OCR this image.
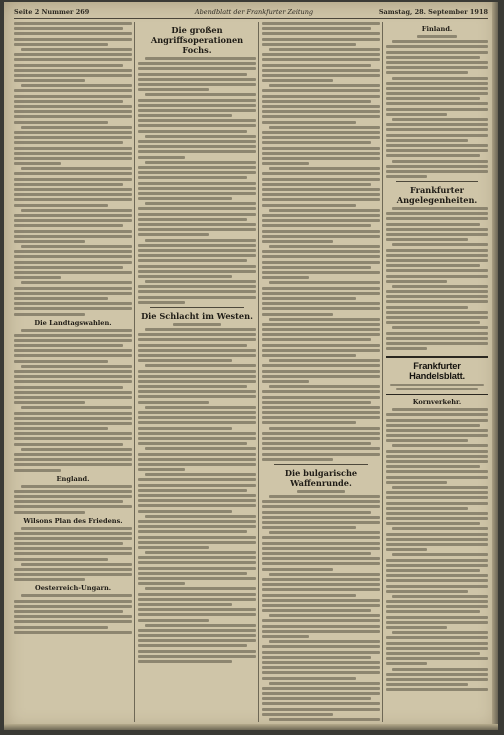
Seite 2 Nummer 269	Abendblatt der Frankfurter Zeitung	Samstag, 28. September 1918
Die Landtagswahlen.
England.
Wilsons Plan des Friedens.
Oesterreich-Ungarn.
Die großen Angriffsoperationen Fochs.
Die Schlacht im Westen.
Die bulgarische Waffenrunde.
Finland.
Frankfurter Angelegenheiten.
Frankfurter Handelsblatt.
Kornverkehr.
